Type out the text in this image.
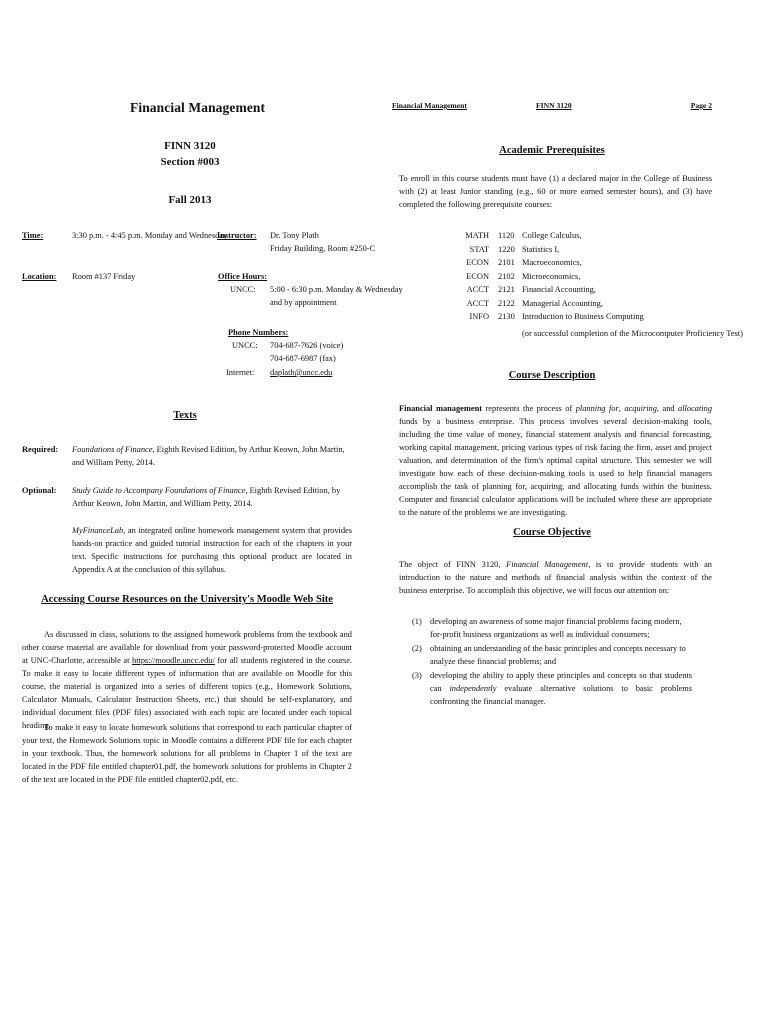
Financial Management
FINN 3120
Section #003
Fall 2013
Time:	3:30 p.m. - 4:45 p.m. Monday and Wednesday
Instructor: Dr. Tony Plath
Friday Building, Room #250-C
Location: Room #137 Friday	Office Hours:
UNCC: 5:00 - 6:30 p.m. Monday & Wednesday
and by appointment
Phone Numbers:
UNCC: 704-687-7626 (voice)
704-687-6987 (fax)
Internet: daplath@uncc.edu
Texts
Required: Foundations of Finance, Eighth Revised Edition, by Arthur Keown, John Martin, and William Petty, 2014.
Optional: Study Guide to Accompany Foundations of Finance, Eighth Revised Edition, by Arthur Keown, John Martin, and William Petty, 2014.
MyFinanceLab, an integrated online homework management system that provides hands-on practice and guided tutorial instruction for each of the chapters in your text. Specific instructions for purchasing this optional product are located in Appendix A at the conclusion of this syllabus.
Accessing Course Resources on the University's Moodle Web Site
As discussed in class, solutions to the assigned homework problems from the textbook and other course material are available for download from your password-protected Moodle account at UNC-Charlotte, accessible at https://moodle.uncc.edu/ for all students registered in the course. To make it easy to locate different types of information that are available on Moodle for this course, the material is organized into a series of different topics (e.g., Homework Solutions, Calculator Manuals, Calculator Instruction Sheets, etc.) that should be self-explanatory, and individual document files (PDF files) associated with each topic are located under each topical heading.
To make it easy to locate homework solutions that correspond to each particular chapter of your text, the Homework Solutions topic in Moodle contains a different PDF file for each chapter in your textbook. Thus, the homework solutions for all problems in Chapter 1 of the text are located in the PDF file entitled chapter01.pdf, the homework solutions for problems in Chapter 2 of the text are located in the PDF file entitled chapter02.pdf, etc.
Financial Management	FINN 3120	Page 2
Academic Prerequisites
To enroll in this course students must have (1) a declared major in the College of Business with (2) at least Junior standing (e.g., 60 or more earned semester hours), and (3) have completed the following prerequisite courses:
MATH 1120 College Calculus,
STAT 1220 Statistics I,
ECON 2101 Macroeconomics,
ECON 2102 Microeconomics,
ACCT 2121 Financial Accounting,
ACCT 2122 Managerial Accounting,
INFO 2130 Introduction to Business Computing
(or successful completion of the Microcomputer Proficiency Test)
Course Description
Financial management represents the process of planning for, acquiring, and allocating funds by a business enterprise. This process involves several decision-making tools, including the time value of money, financial statement analysis and financial forecasting, working capital management, pricing various types of risk facing the firm, asset and project valuation, and determination of the firm's optimal capital structure. This semester we will investigate how each of these decision-making tools is used to help financial managers accomplish the task of planning for, acquiring, and allocating funds within the business. Computer and financial calculator applications will be included where these are appropriate to the nature of the problems we are investigating.
Course Objective
The object of FINN 3120, Financial Management, is to provide students with an introduction to the nature and methods of financial analysis within the context of the business enterprise. To accomplish this objective, we will focus our attention on:
(1) developing an awareness of some major financial problems facing modern, for-profit business organizations as well as individual consumers;
(2) obtaining an understanding of the basic principles and concepts necessary to analyze these financial problems; and
(3) developing the ability to apply these principles and concepts so that students can independently evaluate alternative solutions to basic problems confronting the financial manager.
